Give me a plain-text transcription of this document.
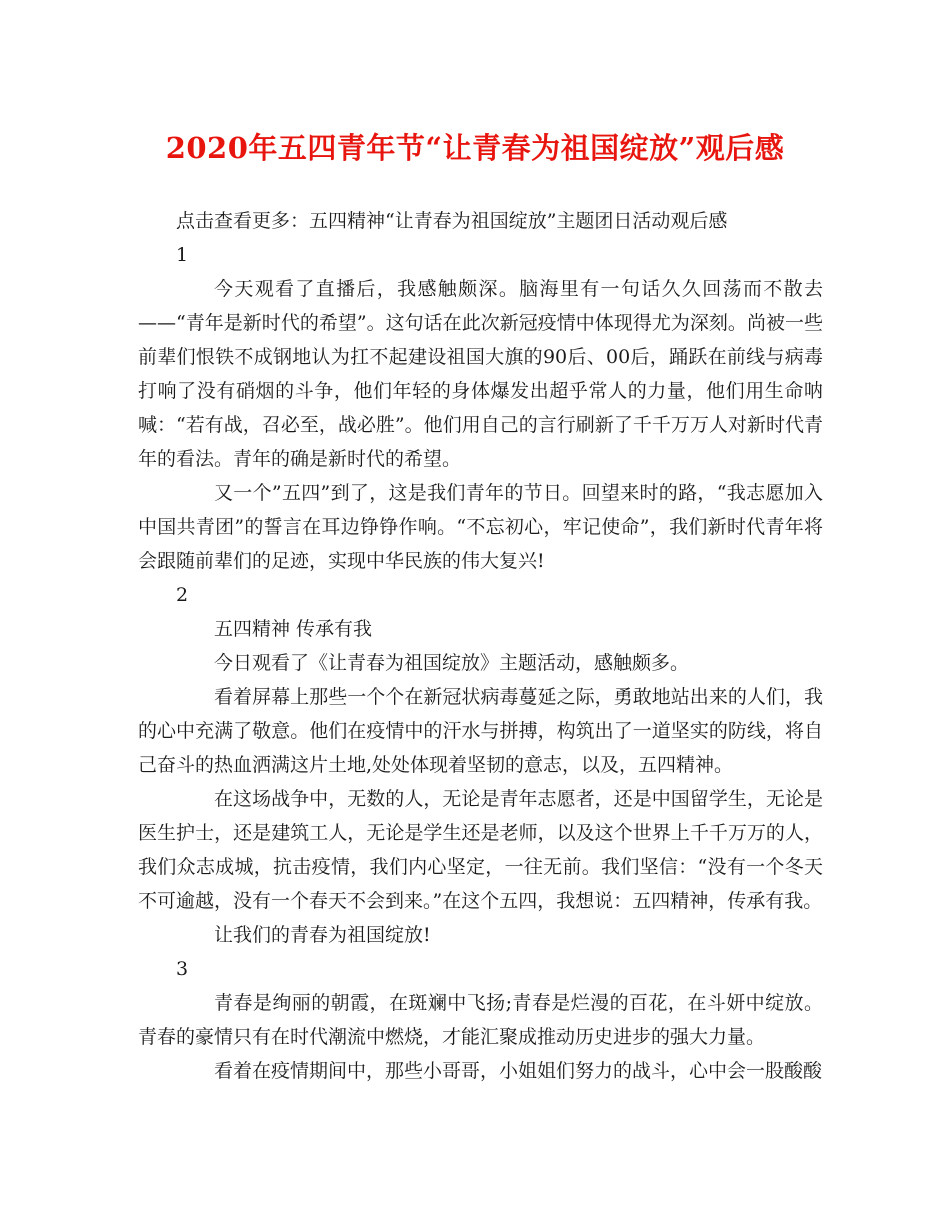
2020年五四青年节“让青春为祖国绽放”观后感

点击查看更多：五四精神“让青春为祖国绽放”主题团日活动观后感

1

今天观看了直播后，我感触颇深。脑海里有一句话久久回荡而不散去——“青年是新时代的希望”。这句话在此次新冠疫情中体现得尤为深刻。尚被一些前辈们恨铁不成钢地认为扛不起建设祖国大旗的90后、00后，踊跃在前线与病毒打响了没有硝烟的斗争，他们年轻的身体爆发出超乎常人的力量，他们用生命呐喊：“若有战，召必至，战必胜”。他们用自己的言行刷新了千千万万人对新时代青年的看法。青年的确是新时代的希望。

又一个”五四”到了，这是我们青年的节日。回望来时的路，“我志愿加入中国共青团”的誓言在耳边铮铮作响。“不忘初心，牢记使命”，我们新时代青年将会跟随前辈们的足迹，实现中华民族的伟大复兴!

2

五四精神 传承有我

今日观看了《让青春为祖国绽放》主题活动，感触颇多。

看着屏幕上那些一个个在新冠状病毒蔓延之际，勇敢地站出来的人们，我的心中充满了敬意。他们在疫情中的汗水与拼搏，构筑出了一道坚实的防线，将自己奋斗的热血洒满这片土地,处处体现着坚韧的意志，以及，五四精神。

在这场战争中，无数的人，无论是青年志愿者，还是中国留学生，无论是医生护士，还是建筑工人，无论是学生还是老师，以及这个世界上千千万万的人，我们众志成城，抗击疫情，我们内心坚定，一往无前。我们坚信：“没有一个冬天不可逾越，没有一个春天不会到来。”在这个五四，我想说：五四精神，传承有我。

让我们的青春为祖国绽放!

3

青春是绚丽的朝霞，在斑斓中飞扬;青春是烂漫的百花，在斗妍中绽放。青春的豪情只有在时代潮流中燃烧，才能汇聚成推动历史进步的强大力量。

看着在疫情期间中，那些小哥哥，小姐姐们努力的战斗，心中会一股酸酸
